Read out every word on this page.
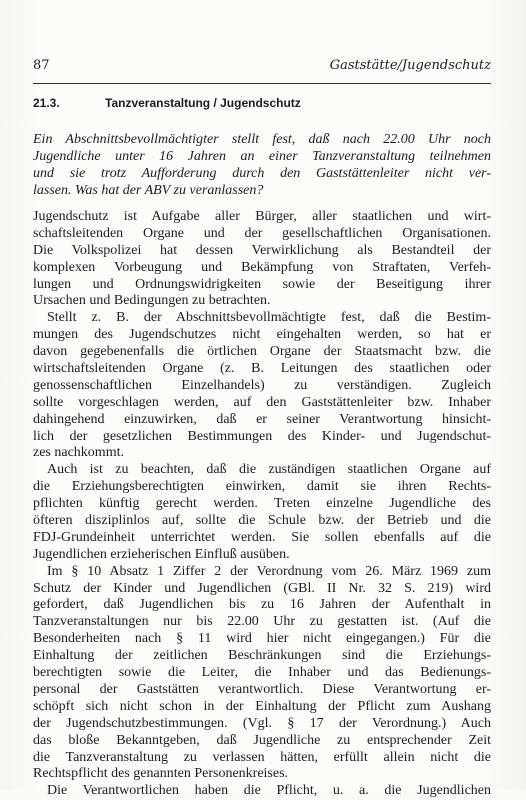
87	Gaststätte/Jugendschutz
21.3.	Tanzveranstaltung / Jugendschutz
Ein Abschnittsbevollmächtigter stellt fest, daß nach 22.00 Uhr noch
Jugendliche unter 16 Jahren an einer Tanzveranstaltung teilnehmen
und sie trotz Aufforderung durch den Gaststättenleiter nicht ver-
lassen. Was hat der ABV zu veranlassen?
Jugendschutz ist Aufgabe aller Bürger, aller staatlichen und wirt-
schaftsleitenden Organe und der gesellschaftlichen Organisationen.
Die Volkspolizei hat dessen Verwirklichung als Bestandteil der
komplexen Vorbeugung und Bekämpfung von Straftaten, Verfeh-
lungen und Ordnungswidrigkeiten sowie der Beseitigung ihrer
Ursachen und Bedingungen zu betrachten.
Stellt z. B. der Abschnittsbevollmächtigte fest, daß die Bestim-
mungen des Jugendschutzes nicht eingehalten werden, so hat er
davon gegebenenfalls die örtlichen Organe der Staatsmacht bzw. die
wirtschaftsleitenden Organe (z. B. Leitungen des staatlichen oder
genossenschaftlichen Einzelhandels) zu verständigen. Zugleich
sollte vorgeschlagen werden, auf den Gaststättenleiter bzw. Inhaber
dahingehend einzuwirken, daß er seiner Verantwortung hinsicht-
lich der gesetzlichen Bestimmungen des Kinder- und Jugendschut-
zes nachkommt.
Auch ist zu beachten, daß die zuständigen staatlichen Organe auf
die Erziehungsberechtigten einwirken, damit sie ihren Rechts-
pflichten künftig gerecht werden. Treten einzelne Jugendliche des
öfteren disziplinlos auf, sollte die Schule bzw. der Betrieb und die
FDJ-Grundeinheit unterrichtet werden. Sie sollen ebenfalls auf die
Jugendlichen erzieherischen Einfluß ausüben.
Im § 10 Absatz 1 Ziffer 2 der Verordnung vom 26. März 1969 zum
Schutz der Kinder und Jugendlichen (GBl. II Nr. 32 S. 219) wird
gefordert, daß Jugendlichen bis zu 16 Jahren der Aufenthalt in
Tanzveranstaltungen nur bis 22.00 Uhr zu gestatten ist. (Auf die
Besonderheiten nach § 11 wird hier nicht eingegangen.) Für die
Einhaltung der zeitlichen Beschränkungen sind die Erziehungs-
berechtigten sowie die Leiter, die Inhaber und das Bedienungs-
personal der Gaststätten verantwortlich. Diese Verantwortung er-
schöpft sich nicht schon in der Einhaltung der Pflicht zum Aushang
der Jugendschutzbestimmungen. (Vgl. § 17 der Verordnung.) Auch
das bloße Bekanntgeben, daß Jugendliche zu entsprechender Zeit
die Tanzveranstaltung zu verlassen hätten, erfüllt allein nicht die
Rechtspflicht des genannten Personenkreises.
Die Verantwortlichen haben die Pflicht, u. a. die Jugendlichen
